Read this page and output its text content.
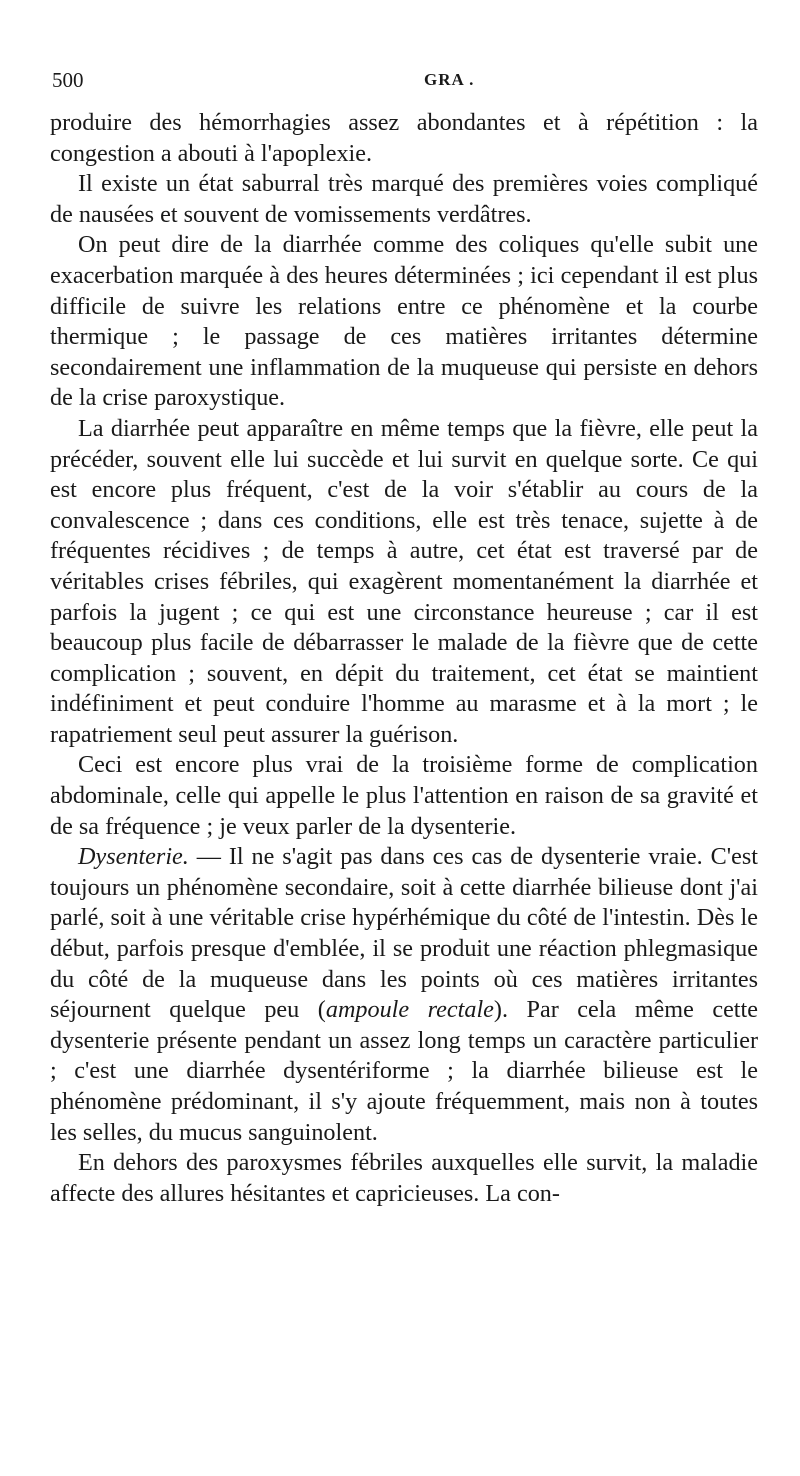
500	GRA .

produire des hémorrhagies assez abondantes et à répétition : la congestion a abouti à l'apoplexie.

Il existe un état saburral très marqué des premières voies compliqué de nausées et souvent de vomissements verdâtres.

On peut dire de la diarrhée comme des coliques qu'elle subit une exacerbation marquée à des heures déterminées ; ici cependant il est plus difficile de suivre les relations entre ce phénomène et la courbe thermique ; le passage de ces matières irritantes détermine secondairement une inflammation de la muqueuse qui persiste en dehors de la crise paroxystique.

La diarrhée peut apparaître en même temps que la fièvre, elle peut la précéder, souvent elle lui succède et lui survit en quelque sorte. Ce qui est encore plus fréquent, c'est de la voir s'établir au cours de la convalescence ; dans ces conditions, elle est très tenace, sujette à de fréquentes récidives ; de temps à autre, cet état est traversé par de véritables crises fébriles, qui exagèrent momentanément la diarrhée et parfois la jugent ; ce qui est une circonstance heureuse ; car il est beaucoup plus facile de débarrasser le malade de la fièvre que de cette complication ; souvent, en dépit du traitement, cet état se maintient indéfiniment et peut conduire l'homme au marasme et à la mort ; le rapatriement seul peut assurer la guérison.

Ceci est encore plus vrai de la troisième forme de complication abdominale, celle qui appelle le plus l'attention en raison de sa gravité et de sa fréquence ; je veux parler de la dysenterie.

Dysenterie. — Il ne s'agit pas dans ces cas de dysenterie vraie. C'est toujours un phénomène secondaire, soit à cette diarrhée bilieuse dont j'ai parlé, soit à une véritable crise hypérhémique du côté de l'intestin. Dès le début, parfois presque d'emblée, il se produit une réaction phlegmasique du côté de la muqueuse dans les points où ces matières irritantes séjournent quelque peu (ampoule rectale). Par cela même cette dysenterie présente pendant un assez long temps un caractère particulier ; c'est une diarrhée dysentériforme ; la diarrhée bilieuse est le phénomène prédominant, il s'y ajoute fréquemment, mais non à toutes les selles, du mucus sanguinolent.

En dehors des paroxysmes fébriles auxquelles elle survit, la maladie affecte des allures hésitantes et capricieuses. La con-
